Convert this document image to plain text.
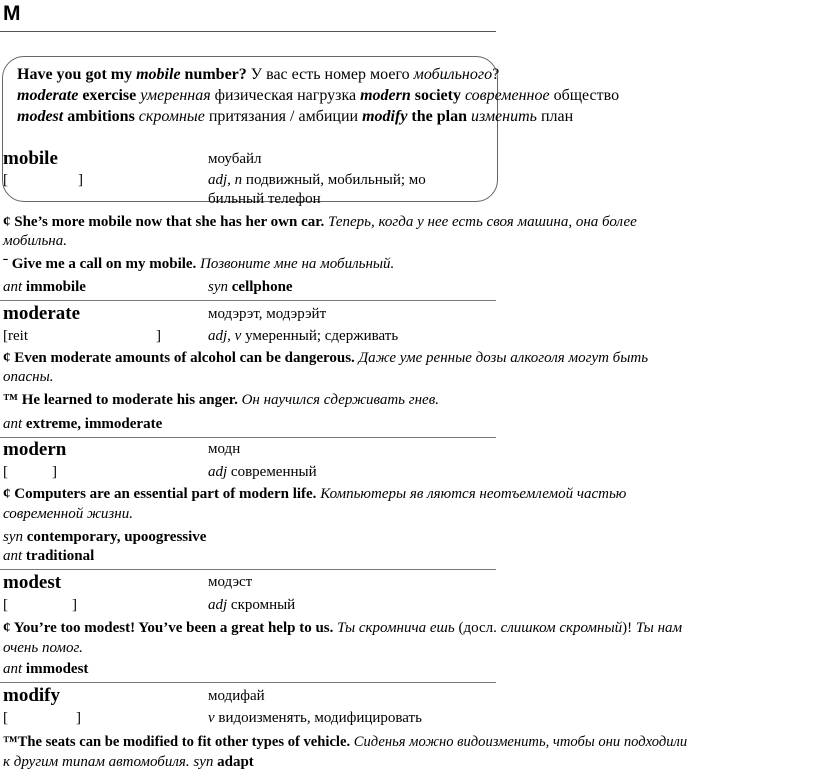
M
Have you got my mobile number? У вас есть номер моего мобильного?
moderate exercise умеренная физическая нагрузка modern society современное общество
modest ambitions скромные притязания / амбиции modify the plan изменить план
mobile	моубайл
[	]	adj, n подвижный, мобильный; мо
бильный телефон
¢ She’s more mobile now that she has her own car. Теперь, когда у нее есть своя машина, она более
мобильна.
ˉ Give me a call on my mobile. Позвоните мне на мобильный.
ant immobile	syn cellphone
moderate	модэрэт, модэрэйт
[reit	]	adj, v умеренный; сдерживать
¢ Even moderate amounts of alcohol can be dangerous. Даже уме ренные дозы алкоголя могут быть
опасны.
™ He learned to moderate his anger. Он научился сдерживать гнев.
ant extreme, immoderate
modern	модн
[	]	adj современный
¢ Computers are an essential part of modern life. Компьютеры яв ляются неотъемлемой частью
современной жизни.
syn contemporary, upoogressive
ant traditional
modest	модэст
[	]	adj скромный
¢ You’re too modest! You’ve been a great help to us. Ты скромнича ешь (досл. слишком скромный)! Ты нам
очень помог.
ant immodest
modify	модифай
[	]	v видоизменять, модифицировать
™The seats can be modified to fit other types of vehicle. Сиденья можно видоизменить, чтобы они подходили
к другим типам автомобиля. syn adapt
